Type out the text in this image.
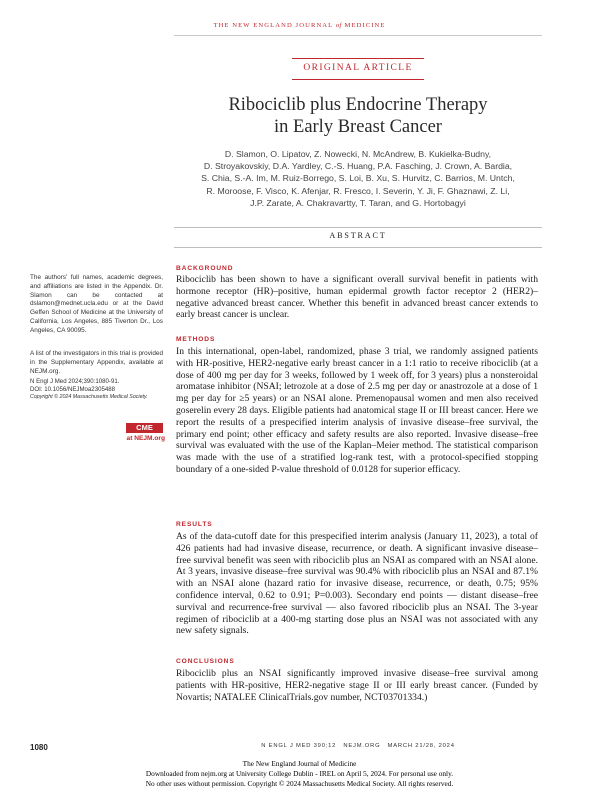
THE NEW ENGLAND JOURNAL of MEDICINE
ORIGINAL ARTICLE
Ribociclib plus Endocrine Therapy
in Early Breast Cancer
D. Slamon, O. Lipatov, Z. Nowecki, N. McAndrew, B. Kukielka-Budny,
D. Stroyakovskiy, D.A. Yardley, C.-S. Huang, P.A. Fasching, J. Crown, A. Bardia,
S. Chia, S.-A. Im, M. Ruiz-Borrego, S. Loi, B. Xu, S. Hurvitz, C. Barrios, M. Untch,
R. Moroose, F. Visco, K. Afenjar, R. Fresco, I. Severin, Y. Ji, F. Ghaznawi, Z. Li,
J.P. Zarate, A. Chakravartty, T. Taran, and G. Hortobagyi
ABSTRACT

The authors' full names, academic degrees, and affiliations are listed in the Appendix. Dr. Slamon can be contacted at dslamon@mednet.ucla.edu or at the David Geffen School of Medicine at the University of California, Los Angeles, 885 Tiverton Dr., Los Angeles, CA 90095.

A list of the investigators in this trial is provided in the Supplementary Appendix, available at NEJM.org.

N Engl J Med 2024;390:1080-91.

DOI: 10.1056/NEJMoa2305488

Copyright © 2024 Massachusetts Medical Society.

CME
at NEJM.org
BACKGROUND
Ribociclib has been shown to have a significant overall survival benefit in patients with hormone receptor (HR)–positive, human epidermal growth factor receptor 2 (HER2)–negative advanced breast cancer. Whether this benefit in advanced breast cancer extends to early breast cancer is unclear.
METHODS
In this international, open-label, randomized, phase 3 trial, we randomly assigned patients with HR-positive, HER2-negative early breast cancer in a 1:1 ratio to receive ribociclib (at a dose of 400 mg per day for 3 weeks, followed by 1 week off, for 3 years) plus a nonsteroidal aromatase inhibitor (NSAI; letrozole at a dose of 2.5 mg per day or anastrozole at a dose of 1 mg per day for ≥5 years) or an NSAI alone. Premenopausal women and men also received goserelin every 28 days. Eligible patients had anatomical stage II or III breast cancer. Here we report the results of a prespecified interim analysis of invasive disease–free survival, the primary end point; other efficacy and safety results are also reported. Invasive disease–free survival was evaluated with the use of the Kaplan–Meier method. The statistical comparison was made with the use of a stratified log-rank test, with a protocol-specified stopping boundary of a one-sided P-value threshold of 0.0128 for superior efficacy.
RESULTS
As of the data-cutoff date for this prespecified interim analysis (January 11, 2023), a total of 426 patients had had invasive disease, recurrence, or death. A significant invasive disease–free survival benefit was seen with ribociclib plus an NSAI as compared with an NSAI alone. At 3 years, invasive disease–free survival was 90.4% with ribociclib plus an NSAI and 87.1% with an NSAI alone (hazard ratio for invasive disease, recurrence, or death, 0.75; 95% confidence interval, 0.62 to 0.91; P=0.003). Secondary end points — distant disease–free survival and recurrence-free survival — also favored ribociclib plus an NSAI. The 3-year regimen of ribociclib at a 400-mg starting dose plus an NSAI was not associated with any new safety signals.
CONCLUSIONS
Ribociclib plus an NSAI significantly improved invasive disease–free survival among patients with HR-positive, HER2-negative stage II or III early breast cancer. (Funded by Novartis; NATALEE ClinicalTrials.gov number, NCT03701334.)
1080	N ENGL J MED 390;12   NEJM.ORG   MARCH 21/28, 2024
The New England Journal of Medicine
Downloaded from nejm.org at University College Dublin - IREL on April 5, 2024. For personal use only.
No other uses without permission. Copyright © 2024 Massachusetts Medical Society. All rights reserved.
